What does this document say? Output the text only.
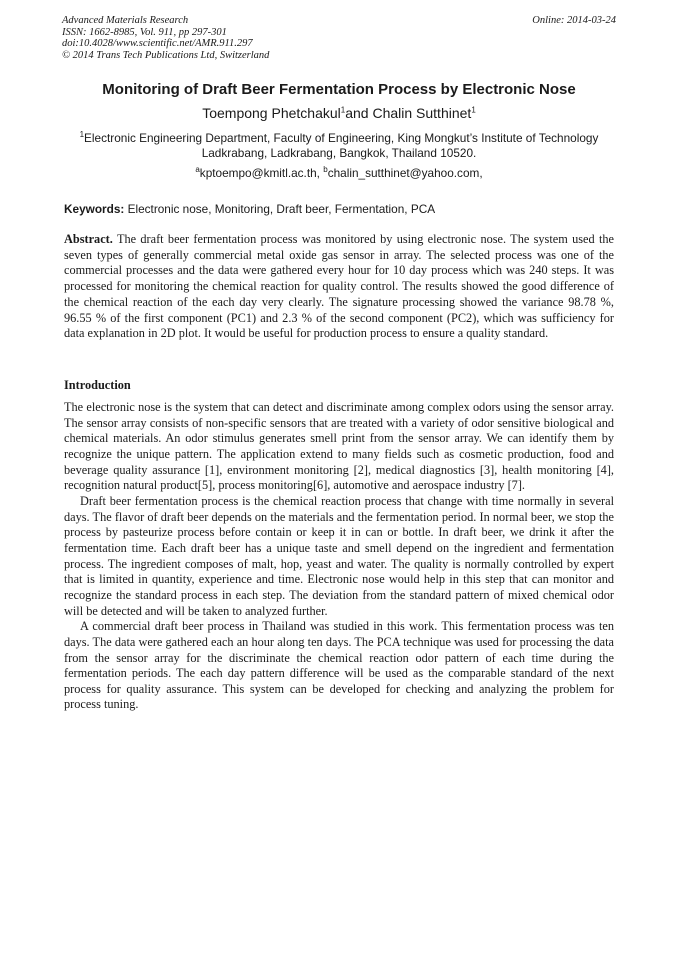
Advanced Materials Research
ISSN: 1662-8985, Vol. 911, pp 297-301
doi:10.4028/www.scientific.net/AMR.911.297
© 2014 Trans Tech Publications Ltd, Switzerland
Online: 2014-03-24
Monitoring of Draft Beer Fermentation Process by Electronic Nose
Toempong Phetchakul$^1$and Chalin Sutthinet$^1$
$^1$Electronic Engineering Department, Faculty of Engineering, King Mongkut’s Institute of Technology Ladkrabang, Ladkrabang, Bangkok, Thailand 10520.
$^a$kptoempo@kmitl.ac.th, $^b$chalin_sutthinet@yahoo.com,
Keywords: Electronic nose, Monitoring, Draft beer, Fermentation, PCA

Abstract. The draft beer fermentation process was monitored by using electronic nose. The system used the seven types of generally commercial metal oxide gas sensor in array. The selected process was one of the commercial processes and the data were gathered every hour for 10 day process which was 240 steps. It was processed for monitoring the chemical reaction for quality control. The results showed the good difference of the chemical reaction of the each day very clearly. The signature processing showed the variance 98.78 %, 96.55 % of the first component (PC1) and 2.3 % of the second component (PC2), which was sufficiency for data explanation in 2D plot. It would be useful for production process to ensure a quality standard.

Introduction

The electronic nose is the system that can detect and discriminate among complex odors using the sensor array. The sensor array consists of non-specific sensors that are treated with a variety of odor sensitive biological and chemical materials. An odor stimulus generates smell print from the sensor array. We can identify them by recognize the unique pattern. The application extend to many fields such as cosmetic production, food and beverage quality assurance [1], environment monitoring [2], medical diagnostics [3], health monitoring [4], recognition natural product[5], process monitoring[6], automotive and aerospace industry [7].

Draft beer fermentation process is the chemical reaction process that change with time normally in several days. The flavor of draft beer depends on the materials and the fermentation period. In normal beer, we stop the process by pasteurize process before contain or keep it in can or bottle. In draft beer, we drink it after the fermentation time. Each draft beer has a unique taste and smell depend on the ingredient and fermentation process. The ingredient composes of malt, hop, yeast and water. The quality is normally controlled by expert that is limited in quantity, experience and time. Electronic nose would help in this step that can monitor and recognize the standard process in each step. The deviation from the standard pattern of mixed chemical odor will be detected and will be taken to analyzed further.

A commercial draft beer process in Thailand was studied in this work. This fermentation process was ten days. The data were gathered each an hour along ten days. The PCA technique was used for processing the data from the sensor array for the discriminate the chemical reaction odor pattern of each time during the fermentation periods. The each day pattern difference will be used as the comparable standard of the next process for quality assurance. This system can be developed for checking and analyzing the problem for process tuning.
